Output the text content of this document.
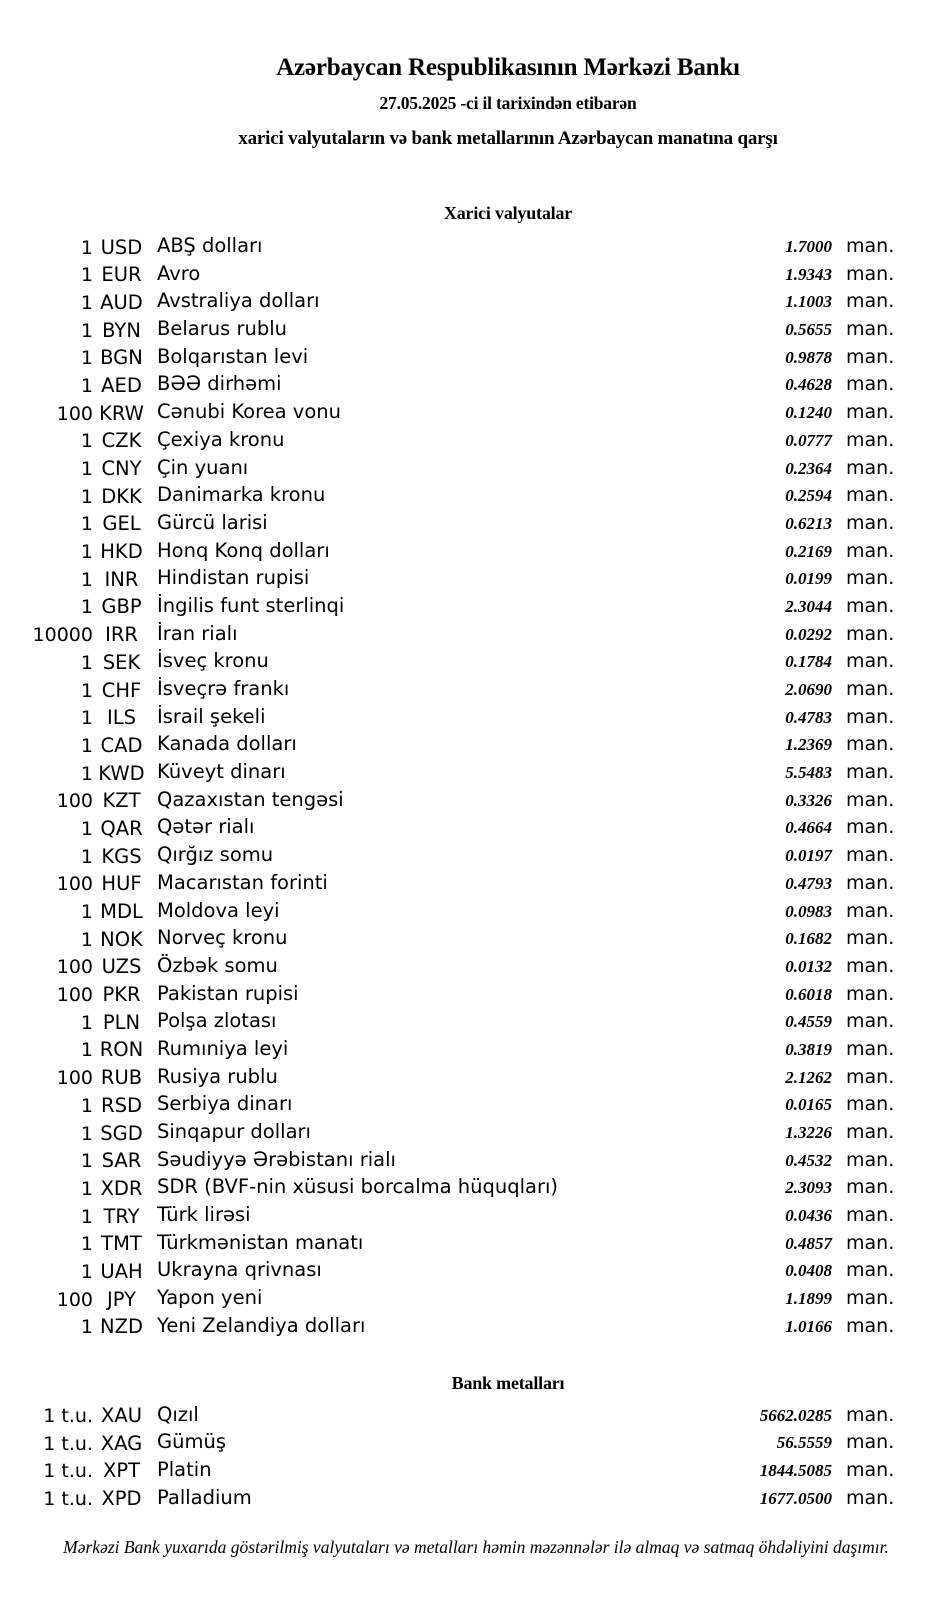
Azərbaycan Respublikasının Mərkəzi Bankı
27.05.2025 -ci il tarixindən etibarən
xarici valyutaların və bank metallarının Azərbaycan manatına qarşı
Xarici valyutalar
1 USD ABŞ dolları	1.7000 man.
1 EUR Avro	1.9343 man.
1 AUD Avstraliya dolları	1.1003 man.
1 BYN Belarus rublu	0.5655 man.
1 BGN Bolqarıstan levi	0.9878 man.
1 AED BƏƏ dirhəmi	0.4628 man.
100 KRW Cənubi Korea vonu	0.1240 man.
1 CZK Çexiya kronu	0.0777 man.
1 CNY Çin yuanı	0.2364 man.
1 DKK Danimarka kronu	0.2594 man.
1 GEL Gürcü larisi	0.6213 man.
1 HKD Honq Konq dolları	0.2169 man.
1 INR Hindistan rupisi	0.0199 man.
1 GBP İngilis funt sterlinqi	2.3044 man.
10000 IRR İran rialı	0.0292 man.
1 SEK İsveç kronu	0.1784 man.
1 CHF İsveçrə frankı	2.0690 man.
1 ILS	İsrail şekeli	0.4783 man.
1 CAD Kanada dolları	1.2369 man.
1 KWD Küveyt dinarı	5.5483 man.
100 KZT Qazaxıstan tengəsi	0.3326 man.
1 QAR Qətər rialı	0.4664 man.
1 KGS Qırğız somu	0.0197 man.
100 HUF Macarıstan forinti	0.4793 man.
1 MDL Moldova leyi	0.0983 man.
1 NOK Norveç kronu	0.1682 man.
100 UZS Özbək somu	0.0132 man.
100 PKR Pakistan rupisi	0.6018 man.
1 PLN Polşa zlotası	0.4559 man.
1 RON Rumıniya leyi	0.3819 man.
100 RUB Rusiya rublu	2.1262 man.
1 RSD Serbiya dinarı	0.0165 man.
1 SGD Sinqapur dolları	1.3226 man.
1 SAR Səudiyyə Ərəbistanı rialı	0.4532 man.
1 XDR SDR (BVF-nin xüsusi borcalma hüquqları)	2.3093 man.
1 TRY Türk lirəsi	0.0436 man.
1 TMT Türkmənistan manatı	0.4857 man.
1 UAH Ukrayna qrivnası	0.0408 man.
100 JPY	Yapon yeni	1.1899 man.
1 NZD Yeni Zelandiya dolları	1.0166 man.
Bank metalları
1 t.u. XAU Qızıl	5662.0285 man.
1 t.u. XAG Gümüş	56.5559 man.
1 t.u. XPT Platin	1844.5085 man.
1 t.u. XPD Palladium	1677.0500 man.
Mərkəzi Bank yuxarıda göstərilmiş valyutaları və metalları həmin məzənnələr ilə almaq və satmaq öhdəliyini daşımır.
